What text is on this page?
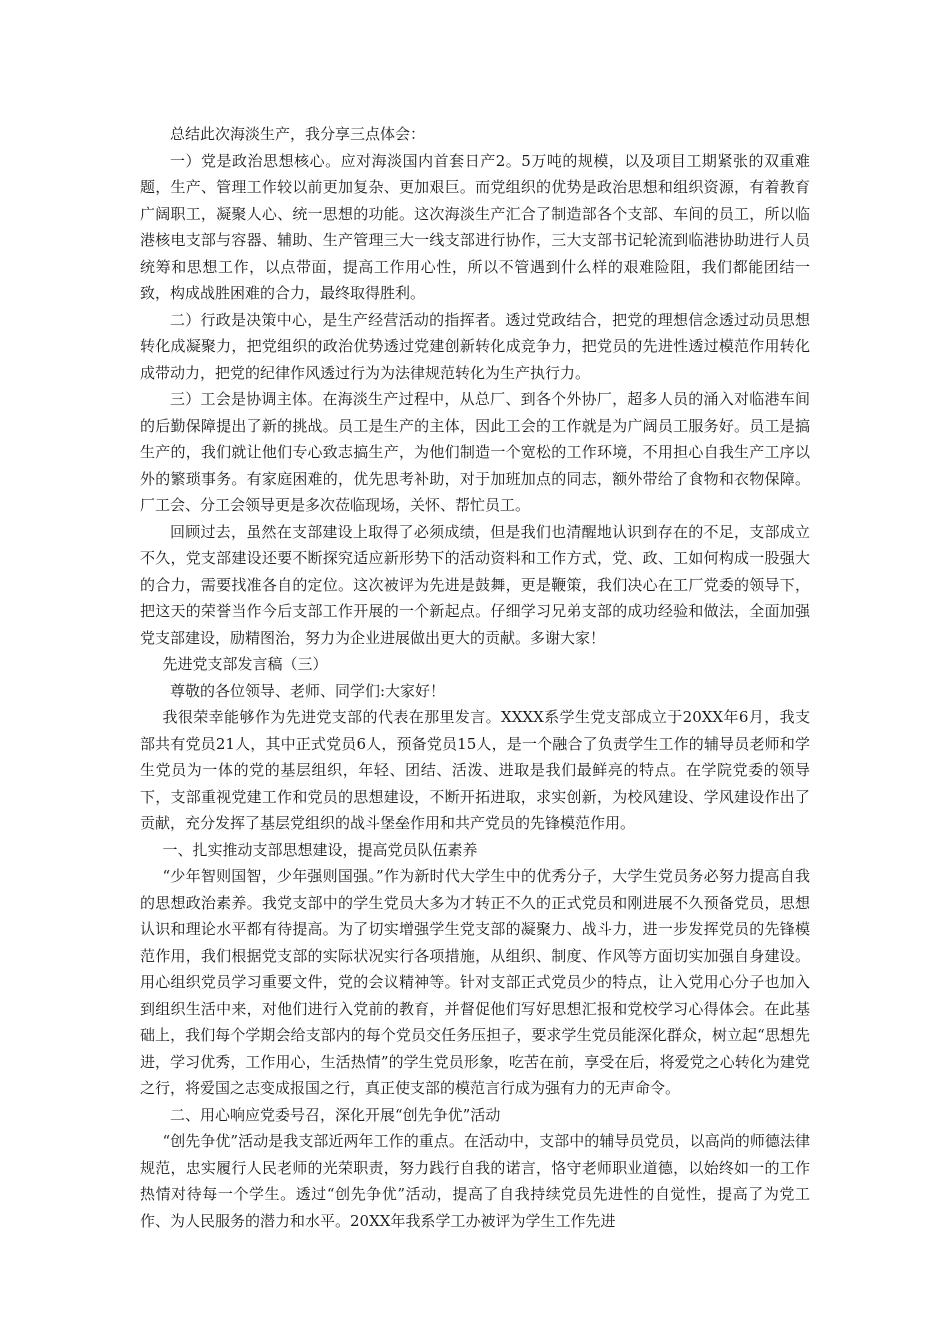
总结此次海淡生产，我分享三点体会：

一）党是政治思想核心。应对海淡国内首套日产2。5万吨的规模，以及项目工期紧张的双重难题，生产、管理工作较以前更加复杂、更加艰巨。而党组织的优势是政治思想和组织资源，有着教育广阔职工，凝聚人心、统一思想的功能。这次海淡生产汇合了制造部各个支部、车间的员工，所以临港核电支部与容器、辅助、生产管理三大一线支部进行协作，三大支部书记轮流到临港协助进行人员统筹和思想工作，以点带面，提高工作用心性，所以不管遇到什么样的艰难险阻，我们都能团结一致，构成战胜困难的合力，最终取得胜利。

二）行政是决策中心，是生产经营活动的指挥者。透过党政结合，把党的理想信念透过动员思想转化成凝聚力，把党组织的政治优势透过党建创新转化成竞争力，把党员的先进性透过模范作用转化成带动力，把党的纪律作风透过行为为法律规范转化为生产执行力。

三）工会是协调主体。在海淡生产过程中，从总厂、到各个外协厂，超多人员的涌入对临港车间的后勤保障提出了新的挑战。员工是生产的主体，因此工会的工作就是为广阔员工服务好。员工是搞生产的，我们就让他们专心致志搞生产，为他们制造一个宽松的工作环境，不用担心自我生产工序以外的繁琐事务。有家庭困难的，优先思考补助，对于加班加点的同志，额外带给了食物和衣物保障。厂工会、分工会领导更是多次莅临现场，关怀、帮忙员工。

回顾过去，虽然在支部建设上取得了必须成绩，但是我们也清醒地认识到存在的不足，支部成立不久，党支部建设还要不断探究适应新形势下的活动资料和工作方式，党、政、工如何构成一股强大的合力，需要找准各自的定位。这次被评为先进是鼓舞，更是鞭策，我们决心在工厂党委的领导下，把这天的荣誉当作今后支部工作开展的一个新起点。仔细学习兄弟支部的成功经验和做法，全面加强党支部建设，励精图治，努力为企业进展做出更大的贡献。多谢大家！

先进党支部发言稿（三）

尊敬的各位领导、老师、同学们:大家好！

我很荣幸能够作为先进党支部的代表在那里发言。XXXX系学生党支部成立于20XX年6月，我支部共有党员21人，其中正式党员6人，预备党员15人，是一个融合了负责学生工作的辅导员老师和学生党员为一体的党的基层组织，年轻、团结、活泼、进取是我们最鲜亮的特点。在学院党委的领导下，支部重视党建工作和党员的思想建设，不断开拓进取，求实创新，为校风建设、学风建设作出了贡献，充分发挥了基层党组织的战斗堡垒作用和共产党员的先锋模范作用。

一、扎实推动支部思想建设，提高党员队伍素养

“少年智则国智，少年强则国强。”作为新时代大学生中的优秀分子，大学生党员务必努力提高自我的思想政治素养。我党支部中的学生党员大多为才转正不久的正式党员和刚进展不久预备党员，思想认识和理论水平都有待提高。为了切实增强学生党支部的凝聚力、战斗力，进一步发挥党员的先锋模范作用，我们根据党支部的实际状况实行各项措施，从组织、制度、作风等方面切实加强自身建设。用心组织党员学习重要文件，党的会议精神等。针对支部正式党员少的特点，让入党用心分子也加入到组织生活中来，对他们进行入党前的教育，并督促他们写好思想汇报和党校学习心得体会。在此基础上，我们每个学期会给支部内的每个党员交任务压担子，要求学生党员能深化群众，树立起“思想先进，学习优秀，工作用心，生活热情”的学生党员形象，吃苦在前，享受在后，将爱党之心转化为建党之行，将爱国之志变成报国之行，真正使支部的模范言行成为强有力的无声命令。

二、用心响应党委号召，深化开展“创先争优”活动

“创先争优”活动是我支部近两年工作的重点。在活动中，支部中的辅导员党员，以高尚的师德法律规范，忠实履行人民老师的光荣职责，努力践行自我的诺言，恪守老师职业道德，以始终如一的工作热情对待每一个学生。透过“创先争优”活动，提高了自我持续党员先进性的自觉性，提高了为党工作、为人民服务的潜力和水平。20XX年我系学工办被评为学生工作先进
